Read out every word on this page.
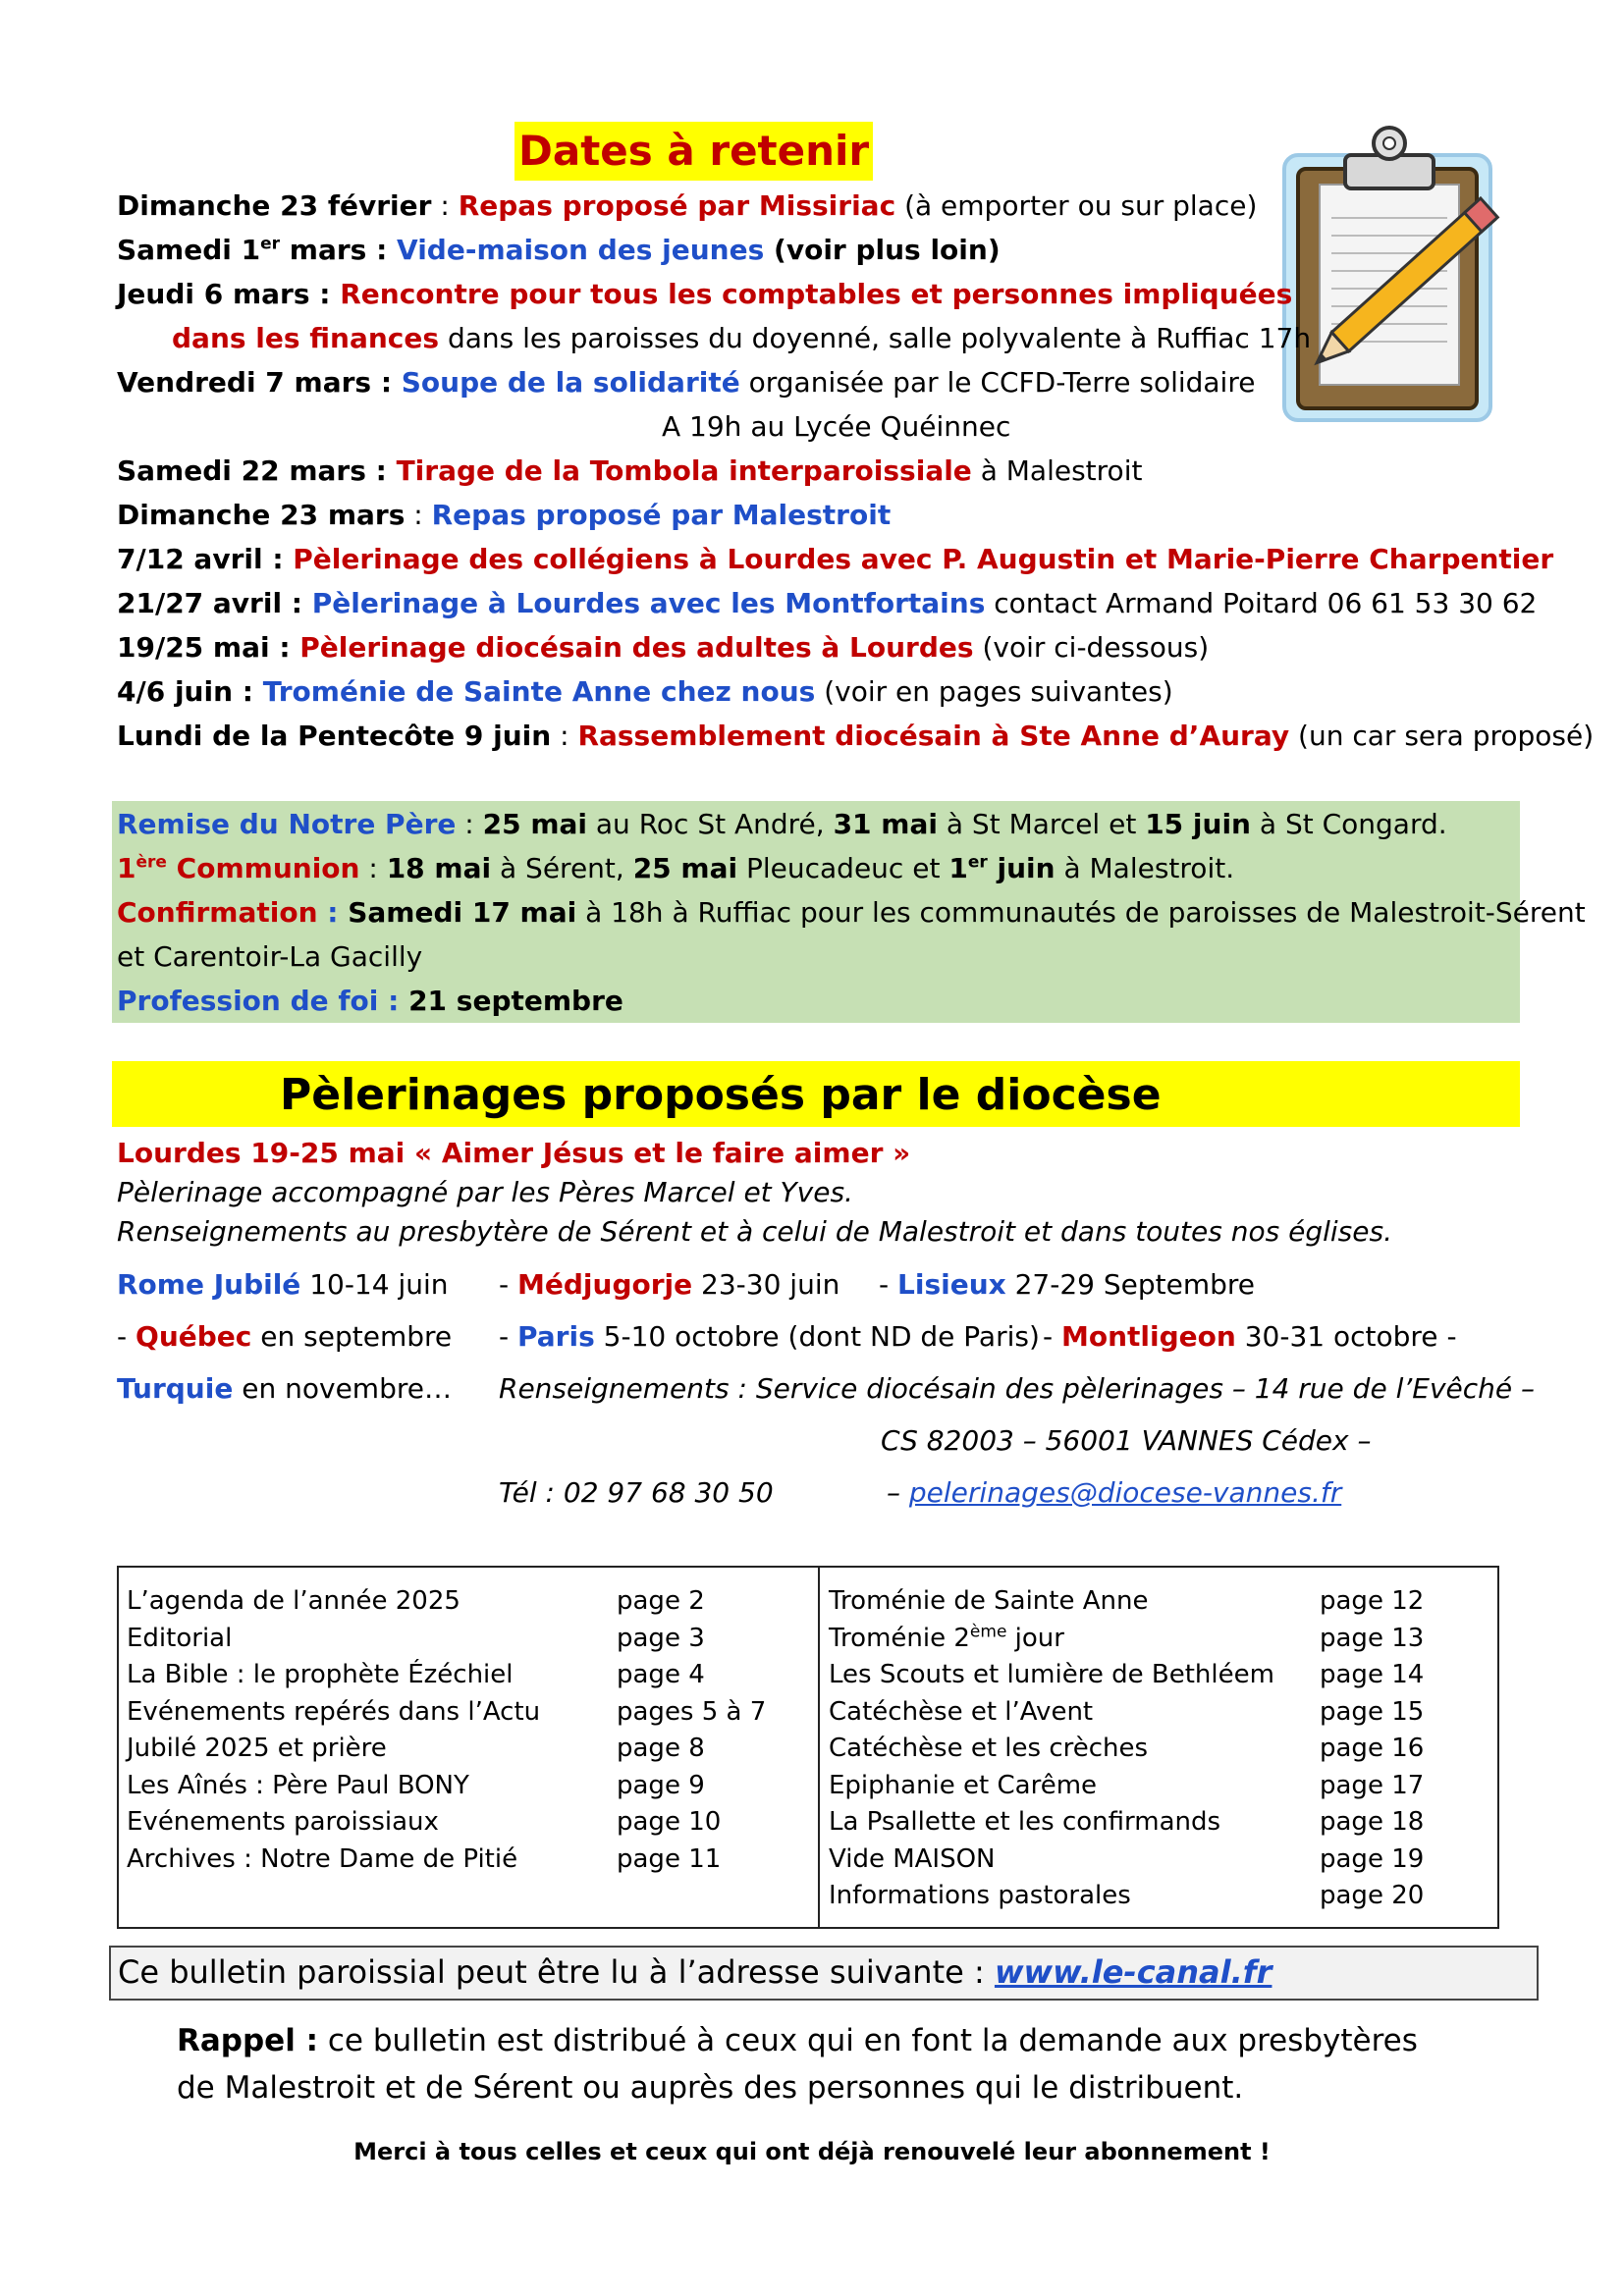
Dates à retenir
Dimanche 23 février : Repas proposé par Missiriac (à emporter ou sur place)
Samedi 1er mars : Vide-maison des jeunes (voir plus loin)
Jeudi 6 mars : Rencontre pour tous les comptables et personnes impliquées
dans les finances dans les paroisses du doyenné, salle polyvalente à Ruffiac 17h
Vendredi 7 mars : Soupe de la solidarité organisée par le CCFD-Terre solidaire
A 19h au Lycée Quéinnec
Samedi 22 mars : Tirage de la Tombola interparoissiale à Malestroit
Dimanche 23 mars : Repas proposé par Malestroit
7/12 avril : Pèlerinage des collégiens à Lourdes avec P. Augustin et Marie-Pierre Charpentier
21/27 avril : Pèlerinage à Lourdes avec les Montfortains contact Armand Poitard 06 61 53 30 62
19/25 mai : Pèlerinage diocésain des adultes à Lourdes (voir ci-dessous)
4/6 juin : Troménie de Sainte Anne chez nous (voir en pages suivantes)
Lundi de la Pentecôte 9 juin : Rassemblement diocésain à Ste Anne d’Auray (un car sera proposé)
Remise du Notre Père : 25 mai au Roc St André, 31 mai à St Marcel et 15 juin à St Congard.
1ère Communion : 18 mai à Sérent, 25 mai Pleucadeuc et 1er juin à Malestroit.
Confirmation : Samedi 17 mai à 18h à Ruffiac pour les communautés de paroisses de Malestroit-Sérent
et Carentoir-La Gacilly
Profession de foi : 21 septembre
Pèlerinages proposés par le diocèse
Lourdes 19-25 mai « Aimer Jésus et le faire aimer »
Pèlerinage accompagné par les Pères Marcel et Yves.
Renseignements au presbytère de Sérent et à celui de Malestroit et dans toutes nos églises.
Rome Jubilé 10-14 juin - Médjugorje 23-30 juin - Lisieux 27-29 Septembre
- Québec en septembre - Paris 5-10 octobre (dont ND de Paris) - Montligeon 30-31 octobre -
Turquie en novembre… Renseignements : Service diocésain des pèlerinages – 14 rue de l’Evêché –
CS 82003 – 56001 VANNES Cédex –
Tél : 02 97 68 30 50	– pelerinages@diocese-vannes.fr
L’agenda de l’année 2025	page 2
Editorial	page 3
La Bible : le prophète Ézéchiel	page 4
Evénements repérés dans l’Actu	pages 5 à 7
Jubilé 2025 et prière	page 8
Les Aînés : Père Paul BONY	page 9
Evénements paroissiaux	page 10
Archives : Notre Dame de Pitié	page 11
Troménie de Sainte Anne	page 12
Troménie 2ème jour	page 13
Les Scouts et lumière de Bethléem page 14
Catéchèse et l’Avent	page 15
Catéchèse et les crèches	page 16
Epiphanie et Carême	page 17
La Psallette et les confirmands	page 18
Vide MAISON	page 19
Informations pastorales	page 20
Ce bulletin paroissial peut être lu à l’adresse suivante : www.le-canal.fr
Rappel : ce bulletin est distribué à ceux qui en font la demande aux presbytères de Malestroit et de Sérent ou auprès des personnes qui le distribuent.
Merci à tous celles et ceux qui ont déjà renouvelé leur abonnement !
